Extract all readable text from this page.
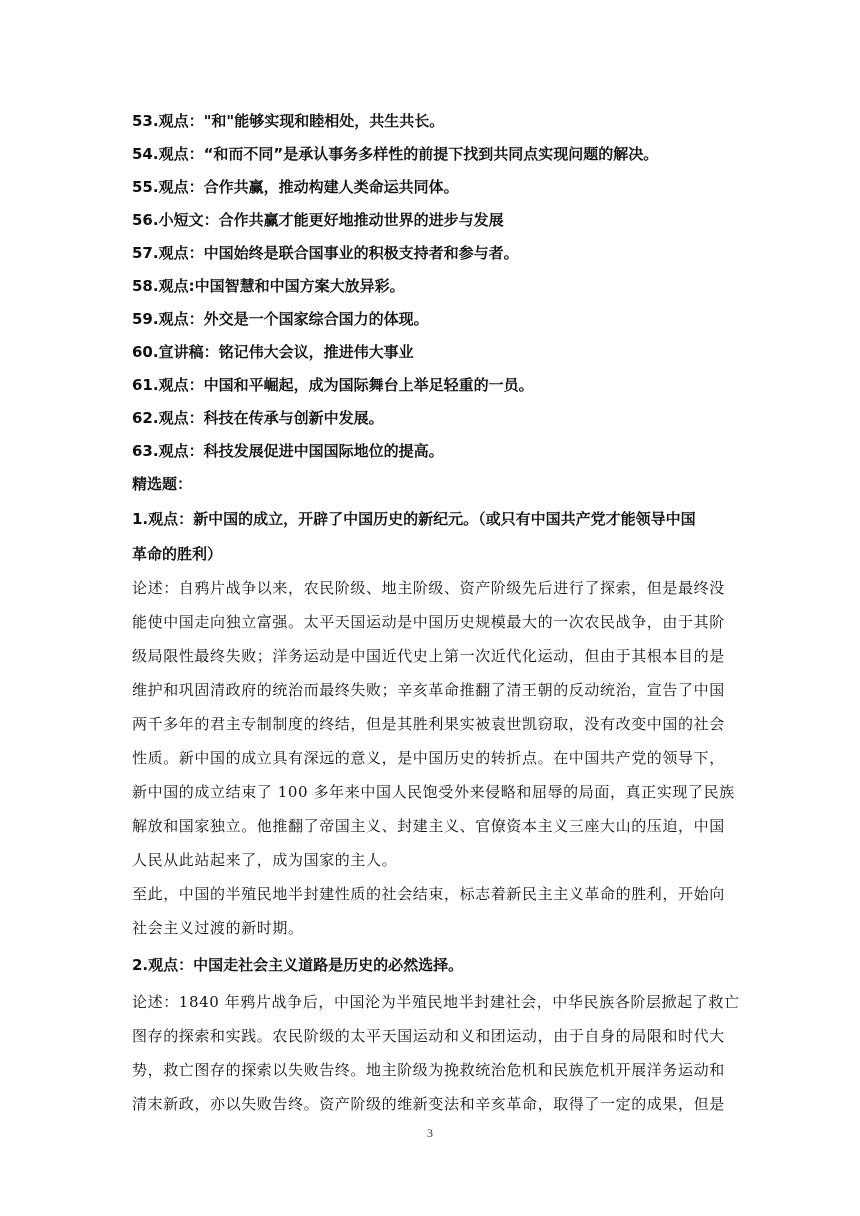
53.观点："和"能够实现和睦相处，共生共长。
54.观点：“和而不同”是承认事务多样性的前提下找到共同点实现问题的解决。
55.观点：合作共赢，推动构建人类命运共同体。
56.小短文：合作共赢才能更好地推动世界的进步与发展
57.观点：中国始终是联合国事业的积极支持者和参与者。
58.观点:中国智慧和中国方案大放异彩。
59.观点：外交是一个国家综合国力的体现。
60.宣讲稿：铭记伟大会议，推进伟大事业
61.观点：中国和平崛起，成为国际舞台上举足轻重的一员。
62.观点：科技在传承与创新中发展。
63.观点：科技发展促进中国国际地位的提高。
精选题：
1.观点：新中国的成立，开辟了中国历史的新纪元。（或只有中国共产党才能领导中国
革命的胜利）
论述：自鸦片战争以来，农民阶级、地主阶级、资产阶级先后进行了探索，但是最终没
能使中国走向独立富强。太平天国运动是中国历史规模最大的一次农民战争，由于其阶
级局限性最终失败；洋务运动是中国近代史上第一次近代化运动，但由于其根本目的是
维护和巩固清政府的统治而最终失败；辛亥革命推翻了清王朝的反动统治，宣告了中国
两千多年的君主专制制度的终结，但是其胜利果实被袁世凯窃取，没有改变中国的社会
性质。新中国的成立具有深远的意义，是中国历史的转折点。在中国共产党的领导下，
新中国的成立结束了 100 多年来中国人民饱受外来侵略和屈辱的局面，真正实现了民族
解放和国家独立。他推翻了帝国主义、封建主义、官僚资本主义三座大山的压迫，中国
人民从此站起来了，成为国家的主人。
至此，中国的半殖民地半封建性质的社会结束，标志着新民主主义革命的胜利，开始向
社会主义过渡的新时期。
2.观点：中国走社会主义道路是历史的必然选择。
论述：1840 年鸦片战争后，中国沦为半殖民地半封建社会，中华民族各阶层掀起了救亡
图存的探索和实践。农民阶级的太平天国运动和义和团运动，由于自身的局限和时代大
势，救亡图存的探索以失败告终。地主阶级为挽救统治危机和民族危机开展洋务运动和
清末新政，亦以失败告终。资产阶级的维新变法和辛亥革命，取得了一定的成果，但是
3
